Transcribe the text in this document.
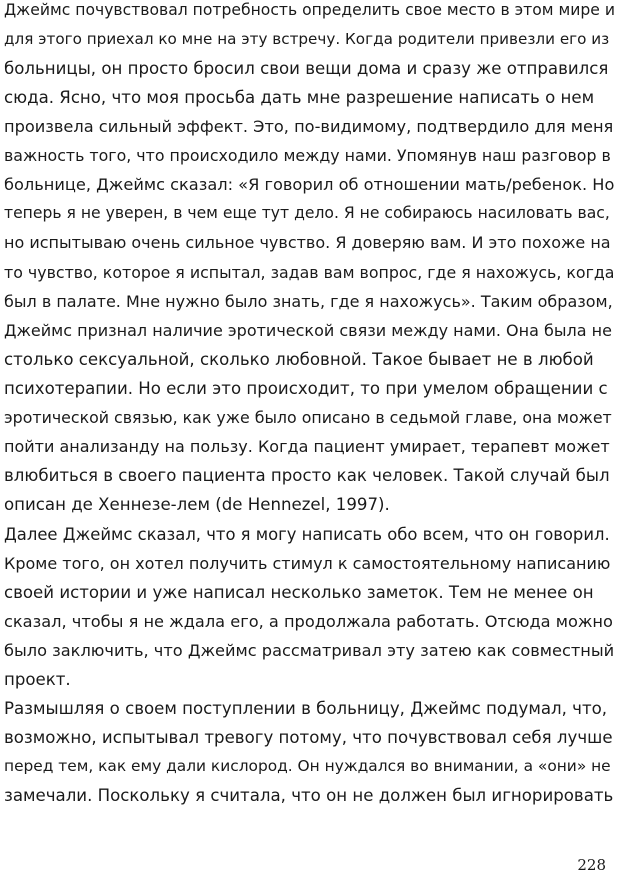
Джеймс почувствовал потребность определить свое место в этом мире и
для этого приехал ко мне на эту встречу. Когда родители привезли его из
больницы, он просто бросил свои вещи дома и сразу же отправился
сюда. Ясно, что моя просьба дать мне разрешение написать о нем
произвела сильный эффект. Это, по-видимому, подтвердило для меня
важность того, что происходило между нами. Упомянув наш разговор в
больнице, Джеймс сказал: «Я говорил об отношении мать/ребенок. Но
теперь я не уверен, в чем еще тут дело. Я не собираюсь насиловать вас,
но испытываю очень сильное чувство. Я доверяю вам. И это похоже на
то чувство, которое я испытал, задав вам вопрос, где я нахожусь, когда
был в палате. Мне нужно было знать, где я нахожусь». Таким образом,
Джеймс признал наличие эротической связи между нами. Она была не
столько сексуальной, сколько любовной. Такое бывает не в любой
психотерапии. Но если это происходит, то при умелом обращении с
эротической связью, как уже было описано в седьмой главе, она может
пойти анализанду на пользу. Когда пациент умирает, терапевт может
влюбиться в своего пациента просто как человек. Такой случай был
описан де Хеннезе-лем (de Hennezel, 1997).
Далее Джеймс сказал, что я могу написать обо всем, что он говорил.
Кроме того, он хотел получить стимул к самостоятельному написанию
своей истории и уже написал несколько заметок. Тем не менее он
сказал, чтобы я не ждала его, а продолжала работать. Отсюда можно
было заключить, что Джеймс рассматривал эту затею как совместный
проект.
Размышляя о своем поступлении в больницу, Джеймс подумал, что,
возможно, испытывал тревогу потому, что почувствовал себя лучше
перед тем, как ему дали кислород. Он нуждался во внимании, а «они» не
замечали. Поскольку я считала, что он не должен был игнорировать
228
